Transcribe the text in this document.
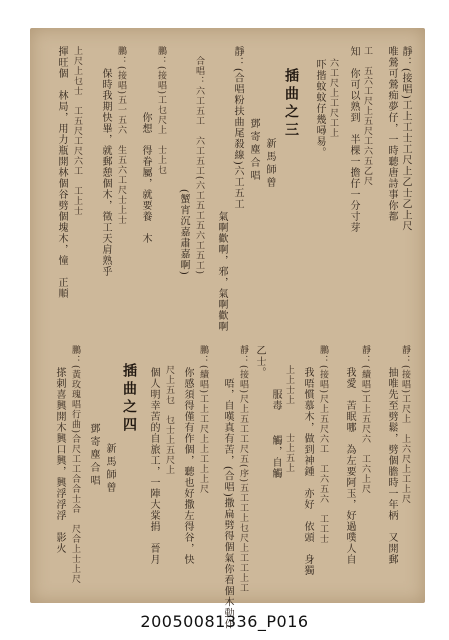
靜：(接唱)工上工士工尺上乙士乙上尺
唯鶯可鶯痴夢仔，一時聽唐詩事你都
工　五六工尺上五尺工六五乙尺
知　你可以熟到　半棵一擔仔一分寸芽
　六工尺上工尺工上
　吓揩蚊蚊仔幾噚易。
插曲之三
新馬師曾
鄧寄塵合唱
靜：(合唱粉扶曲尾殺線)六工五工
　　　　　　　　　　　　　　　氣啊歡啊，邪，氣啊歡啊
　合唱：六工五工　六工五工(六工五工五六工五工)
　　　　　　　　　　　　　(蟹宵沉嘉肅嘉啊)
鵬：(接唱)工乜尺上　士上乜
　　　　　　你想　得眷屬，就要養　木
鵬：(接唱)五一五六　生五六工尺士上士
　　保時我期快畢，就郵憩個木，徵工天肩熟乎
上尺上乜士　工五尺工尺六工　工上士
揮旺個　林局，用力瓶開林個谷劈個塊木，憧　正順
靜：(接唱)工尺上　上六尺上工上尺
　　抽唯先至劈鬆，劈個膽時一年柄　又開郵
靜：(續唱)工上五尺六　工六上尺
　　我愛　苦眠哪　為左要阿玉，好過噗人自
鵬：(接唱)尺上五尺六工　工六五六　工工士
　　我唔慣慕木，做到神鍾　亦好　依頭　身獨
　　上上士上
　　　　服毒
　　士上五上
　　觸，自觸
乙士。
靜：(接唱)尺上五工工尺五(序)五工工上乜尺上工工上工
　　　唔，自嘆真有苦，(合唱)撒扁劈得個氣你看個木動作
鵬：(續唱)工上工尺上上工上上尺
　　你感須得僅有作個，聽也好撒左得谷，快
　　尺上五乜　乜士上五尺上
　　個人明幸苦的自旅工，一陣大棠捐　晉月
插曲之四
新馬師曾
鄧寄塵合唱
鵬：(黃玫瑰唱行曲)合尺工工合合士合　尺合上士上尺
　　搽刺喜興開木興口興，興浮浮浮　影火
20050081336_P016
